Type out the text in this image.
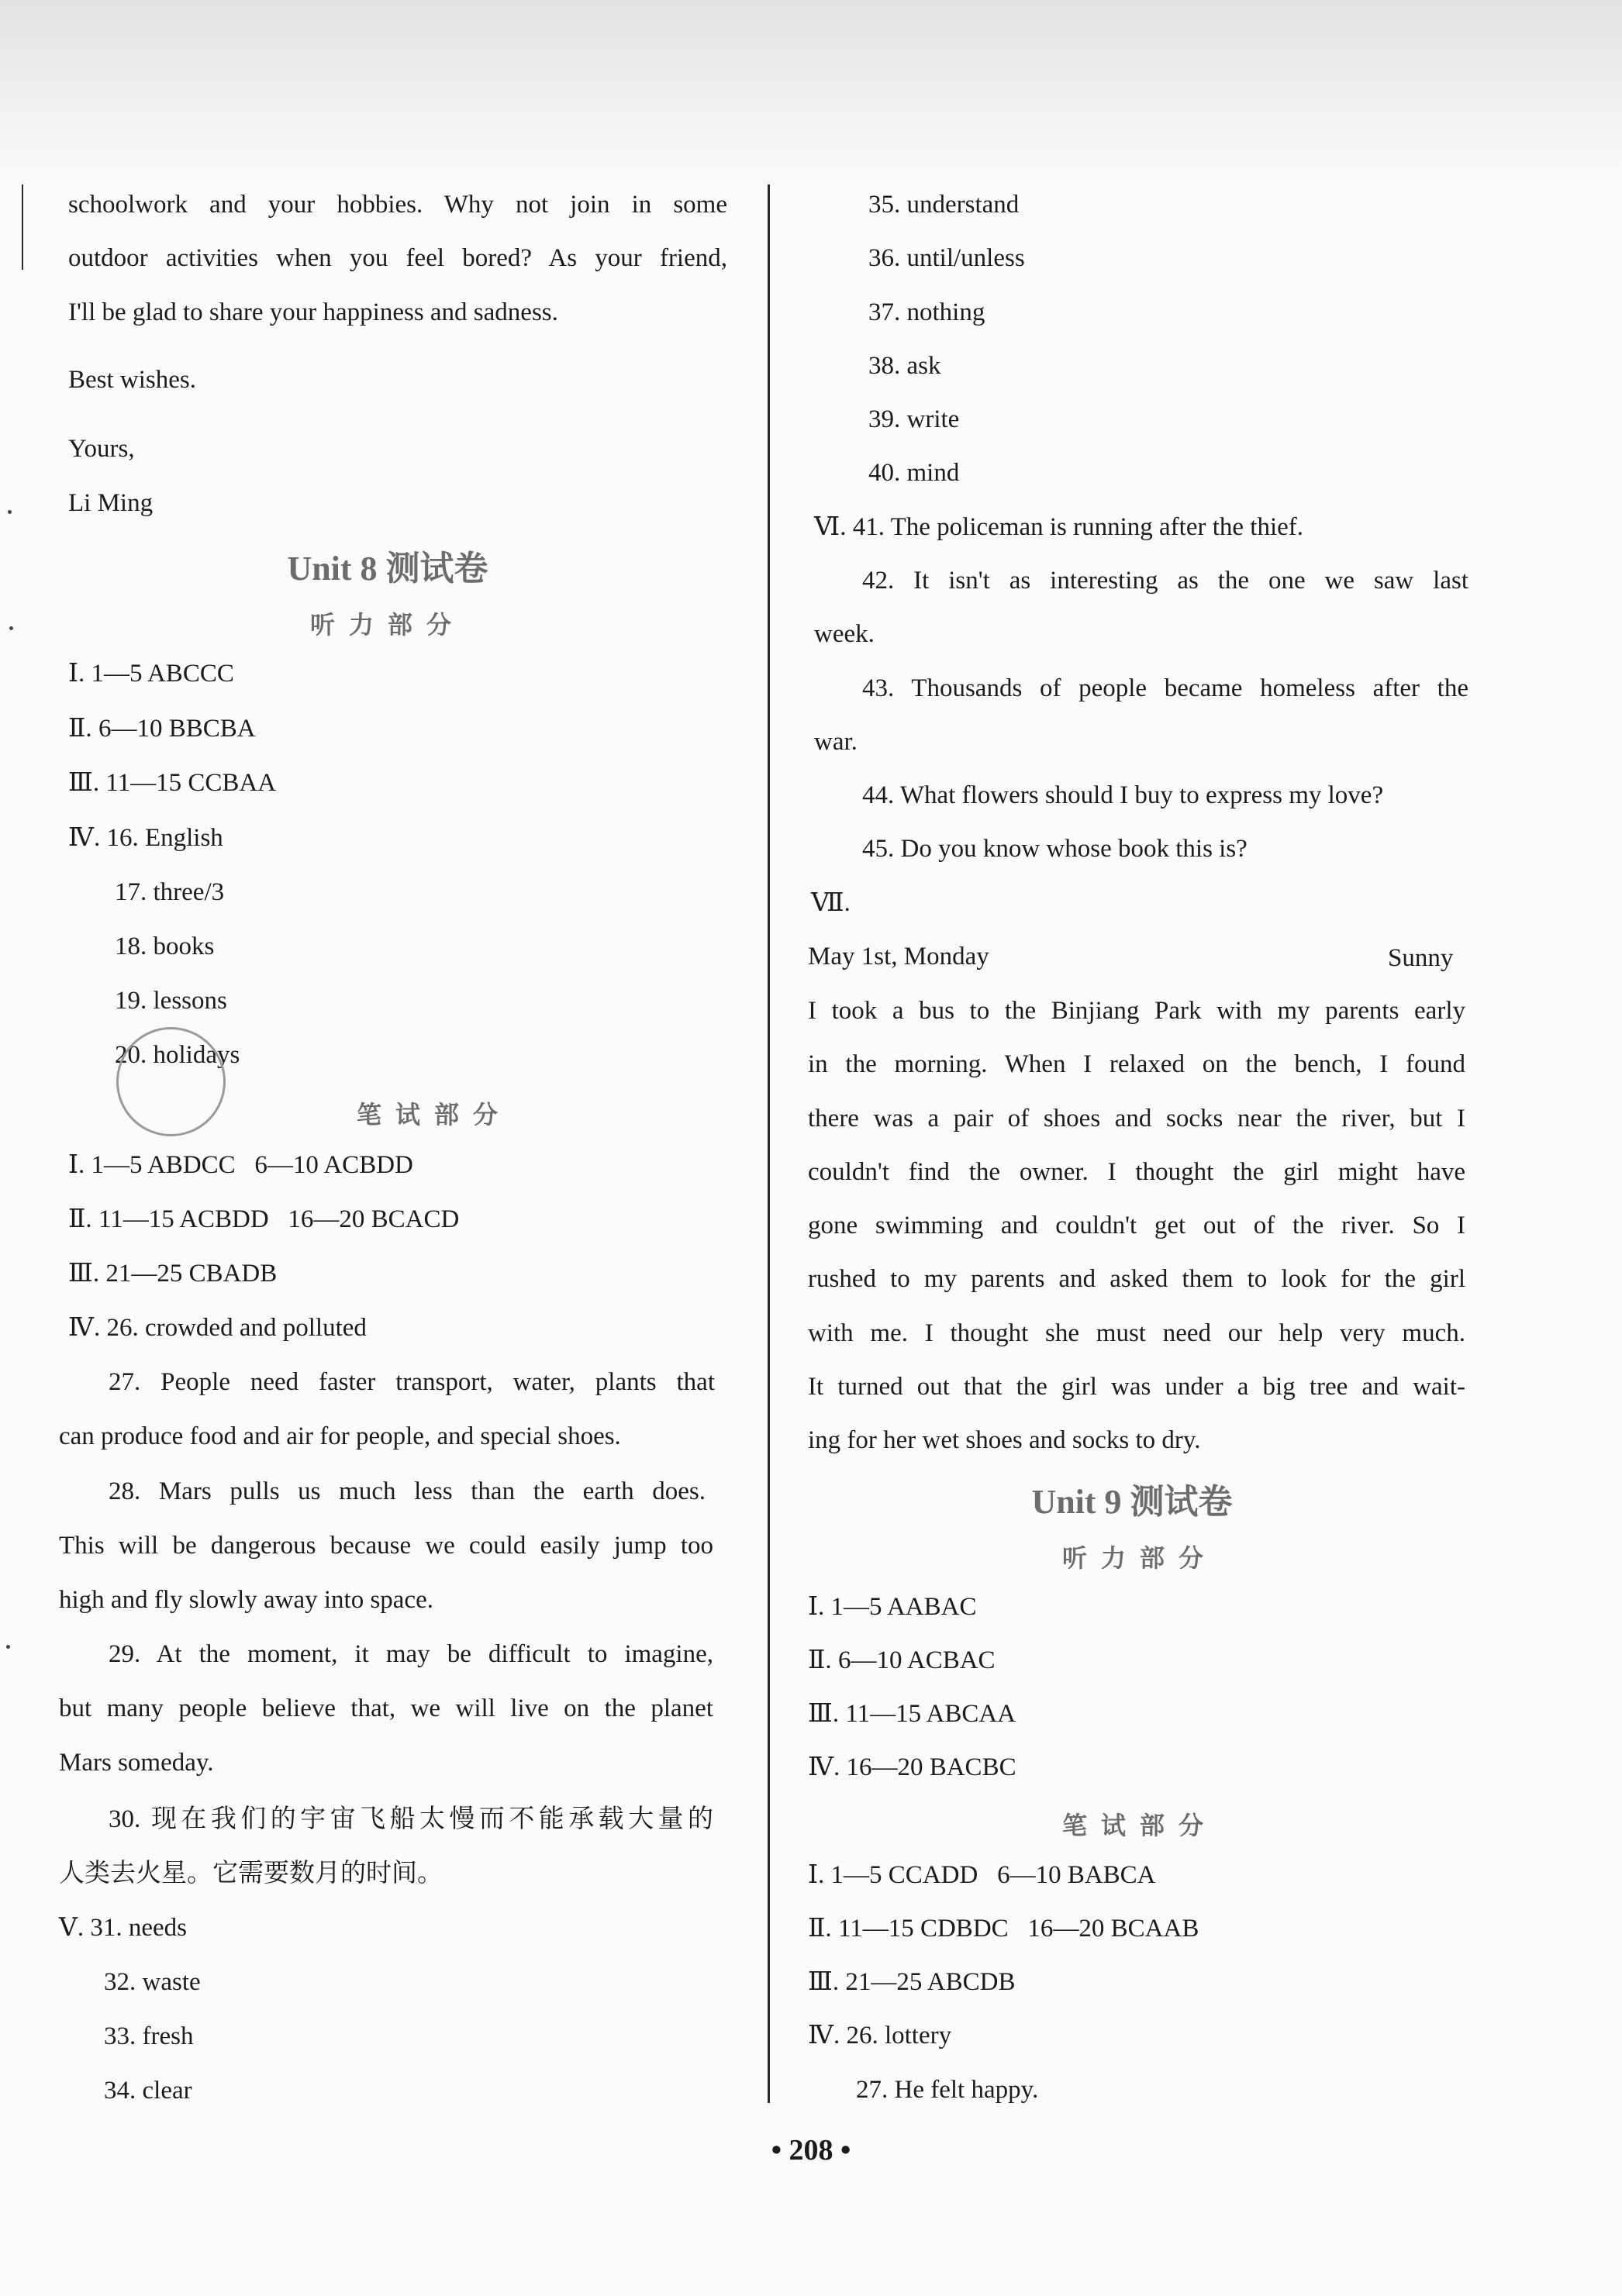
schoolwork and your hobbies. Why not join in some
outdoor activities when you feel bored? As your friend,
I'll be glad to share your happiness and sadness.
Best wishes.
Yours,
Li Ming
Unit 8 测试卷
听力部分
Ⅰ. 1—5 ABCCC
Ⅱ. 6—10 BBCBA
Ⅲ. 11—15 CCBAA
Ⅳ. 16. English
17. three/3
18. books
19. lessons
20. holidays
笔试部分
Ⅰ. 1—5 ABDCC   6—10 ACBDD
Ⅱ. 11—15 ACBDD   16—20 BCACD
Ⅲ. 21—25 CBADB
Ⅳ. 26. crowded and polluted
27. People need faster transport, water, plants that
can produce food and air for people, and special shoes.
28. Mars pulls us much less than the earth does.
This will be dangerous because we could easily jump too
high and fly slowly away into space.
29. At the moment, it may be difficult to imagine,
but many people believe that, we will live on the planet
Mars someday.
30. 现在我们的宇宙飞船太慢而不能承载大量的
人类去火星。它需要数月的时间。
Ⅴ. 31. needs
32. waste
33. fresh
34. clear
35. understand
36. until/unless
37. nothing
38. ask
39. write
40. mind
Ⅵ. 41. The policeman is running after the thief.
42. It isn't as interesting as the one we saw last
week.
43. Thousands of people became homeless after the
war.
44. What flowers should I buy to express my love?
45. Do you know whose book this is?
Ⅶ.
May 1st, Monday	Sunny
I took a bus to the Binjiang Park with my parents early
in the morning. When I relaxed on the bench, I found
there was a pair of shoes and socks near the river, but I
couldn't find the owner. I thought the girl might have
gone swimming and couldn't get out of the river. So I
rushed to my parents and asked them to look for the girl
with me. I thought she must need our help very much.
It turned out that the girl was under a big tree and wait-
ing for her wet shoes and socks to dry.
Unit 9 测试卷
听力部分
Ⅰ. 1—5 AABAC
Ⅱ. 6—10 ACBAC
Ⅲ. 11—15 ABCAA
Ⅳ. 16—20 BACBC
笔试部分
Ⅰ. 1—5 CCADD   6—10 BABCA
Ⅱ. 11—15 CDBDC   16—20 BCAAB
Ⅲ. 21—25 ABCDB
Ⅳ. 26. lottery
27. He felt happy.
• 208 •
